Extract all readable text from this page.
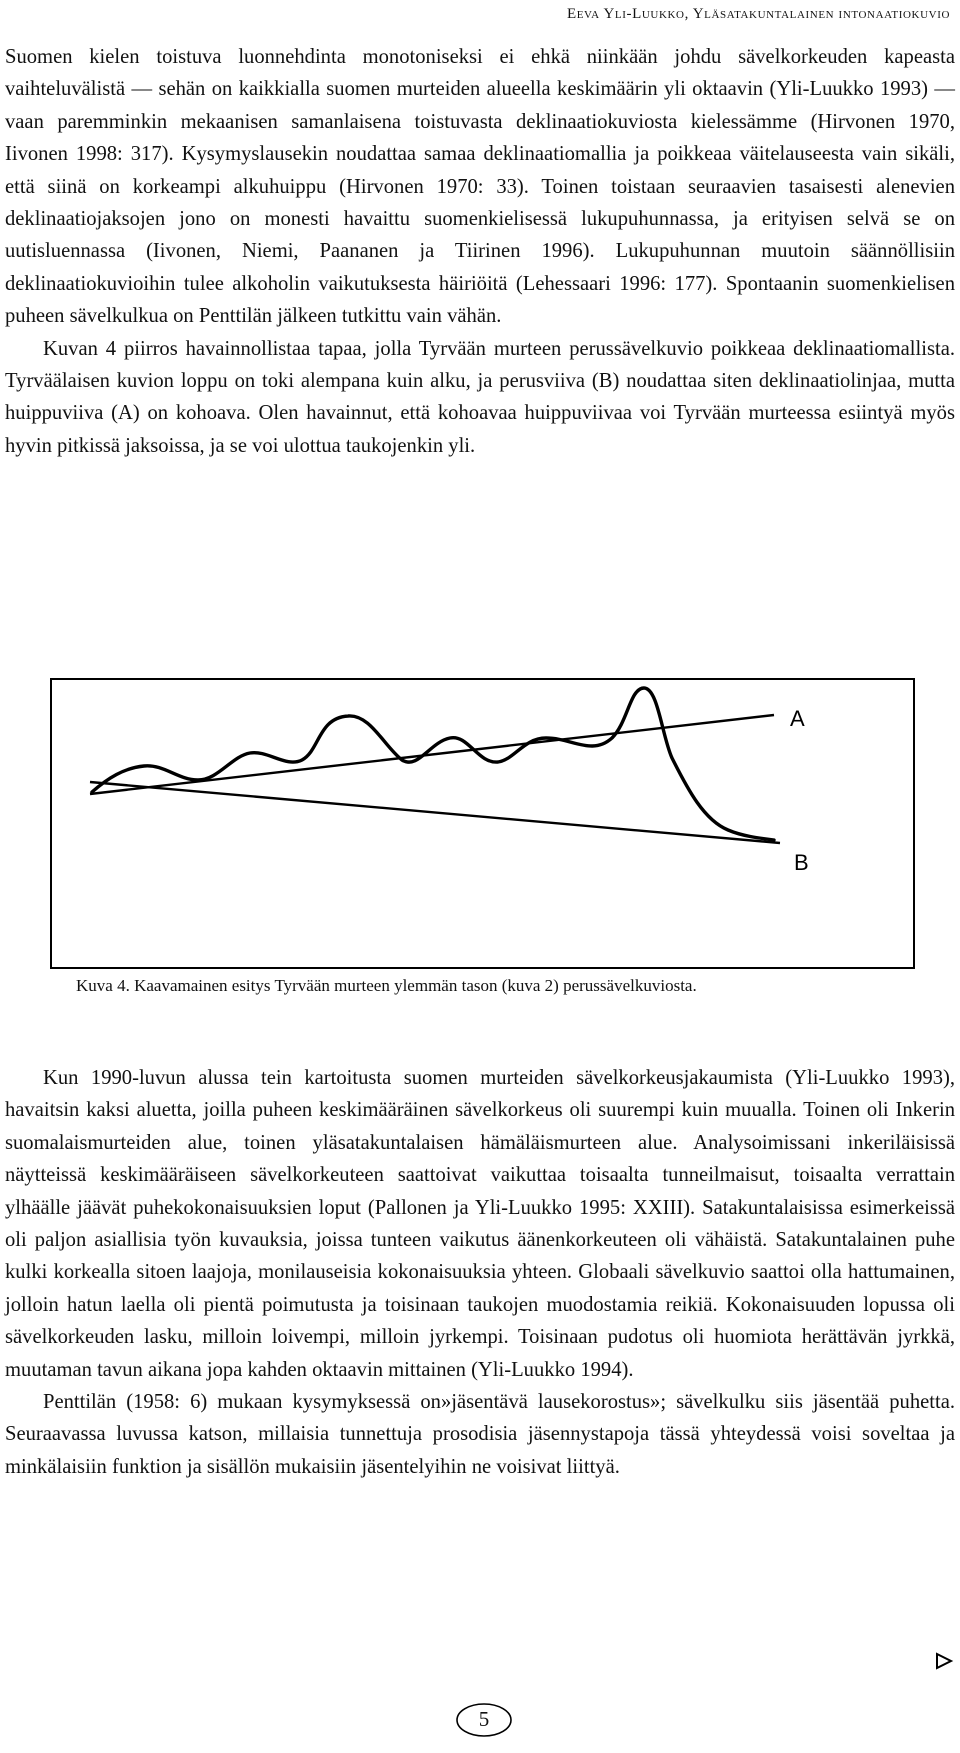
Eeva Yli-Luukko, Yläsatakuntalainen intonaatiokuvio

Suomen kielen toistuva luonnehdinta monotoniseksi ei ehkä niinkään johdu sävelkorkeuden kapeasta vaihteluvälistä — sehän on kaikkialla suomen murteiden alueella keskimäärin yli oktaavin (Yli-Luukko 1993) — vaan paremminkin mekaanisen samanlaisena toistuvasta deklinaatiokuviosta kielessämme (Hirvonen 1970, Iivonen 1998: 317). Kysymyslausekin noudattaa samaa deklinaatiomallia ja poikkeaa väitelauseesta vain sikäli, että siinä on korkeampi alkuhuippu (Hirvonen 1970: 33). Toinen toistaan seuraavien tasaisesti alenevien deklinaatiojaksojen jono on monesti havaittu suomenkielisessä lukupuhunnassa, ja erityisen selvä se on uutisluennassa (Iivonen, Niemi, Paananen ja Tiirinen 1996). Lukupuhunnan muutoin säännöllisiin deklinaatiokuvioihin tulee alkoholin vaikutuksesta häiriöitä (Lehessaari 1996: 177). Spontaanin suomenkielisen puheen sävelkulkua on Penttilän jälkeen tutkittu vain vähän.

Kuvan 4 piirros havainnollistaa tapaa, jolla Tyrvään murteen perussävelkuvio poikkeaa deklinaatiomallista. Tyrväälaisen kuvion loppu on toki alempana kuin alku, ja perusviiva (B) noudattaa siten deklinaatiolinjaa, mutta huippuviiva (A) on kohoava. Olen havainnut, että kohoavaa huippuviivaa voi Tyrvään murteessa esiintyä myös hyvin pitkissä jaksoissa, ja se voi ulottua taukojenkin yli.

A
B
Kuva 4. Kaavamainen esitys Tyrvään murteen ylemmän tason (kuva 2) perussävelkuviosta.

Kun 1990-luvun alussa tein kartoitusta suomen murteiden sävelkorkeusjakaumista (Yli-Luukko 1993), havaitsin kaksi aluetta, joilla puheen keskimääräinen sävelkorkeus oli suurempi kuin muualla. Toinen oli Inkerin suomalaismurteiden alue, toinen yläsatakuntalaisen hämäläismurteen alue. Analysoimissani inkeriläisissä näytteissä keskimääräiseen sävelkorkeuteen saattoivat vaikuttaa toisaalta tunneilmaisut, toisaalta verrattain ylhäälle jäävät puhekokonaisuuksien loput (Pallonen ja Yli-Luukko 1995: XXIII). Satakuntalaisissa esimerkeissä oli paljon asiallisia työn kuvauksia, joissa tunteen vaikutus äänenkorkeuteen oli vähäistä. Satakuntalainen puhe kulki korkealla sitoen laajoja, monilauseisia kokonaisuuksia yhteen. Globaali sävelkuvio saattoi olla hattumainen, jolloin hatun laella oli pientä poimutusta ja toisinaan taukojen muodostamia reikiä. Kokonaisuuden lopussa oli sävelkorkeuden lasku, milloin loivempi, milloin jyrkempi. Toisinaan pudotus oli huomiota herättävän jyrkkä, muutaman tavun aikana jopa kahden oktaavin mittainen (Yli-Luukko 1994).

Penttilän (1958: 6) mukaan kysymyksessä on»jäsentävä lausekorostus»; sävelkulku siis jäsentää puhetta. Seuraavassa luvussa katson, millaisia tunnettuja prosodisia jäsennystapoja tässä yhteydessä voisi soveltaa ja minkälaisiin funktion ja sisällön mukaisiin jäsentelyihin ne voisivat liittyä.

5
